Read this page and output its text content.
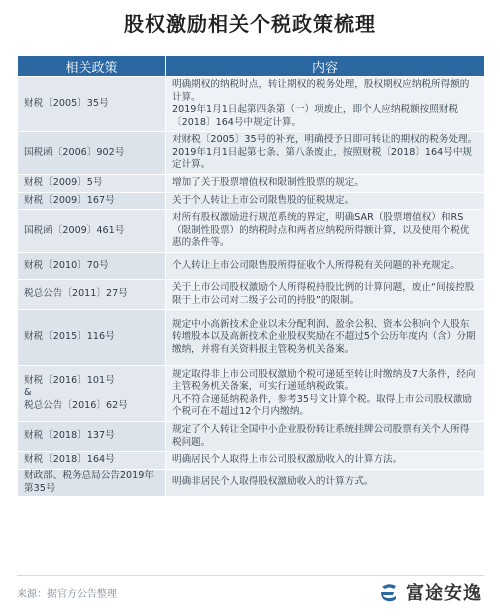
股权激励相关个税政策梳理
相关政策	内容

财税〔2005〕35号	明确期权的纳税时点，转让期权的税务处理，股权期权应纳税所得额的计算。
2019年1月1日起第四条第（一）项废止，即个人应纳税额按照财税〔2018〕164号中规定计算。

国税函〔2006〕902号	对财税〔2005〕35号的补充，明确授予日即可转让的期权的税务处理。
2019年1月1日起第七条、第八条废止，按照财税〔2018〕164号中规定计算。

财税〔2009〕5号	增加了关于股票增值权和限制性股票的规定。

财税〔2009〕167号	关于个人转让上市公司限售股的征税规定。

国税函〔2009〕461号	对所有股权激励进行规范系统的界定，明确SAR（股票增值权）和RS（限制性股票）的纳税时点和两者应纳税所得额计算，以及使用个税优惠的条件等。

财税〔2010〕70号	个人转让上市公司限售股所得征收个人所得税有关问题的补充规定。

税总公告〔2011〕27号	关于上市公司股权激励个人所得税持股比例的计算问题，废止“间接控股限于上市公司对二级子公司的持股”的限制。

财税〔2015〕116号	规定中小高新技术企业以未分配利润、盈余公积、资本公积向个人股东转增股本以及高新技术企业股权奖励在不超过5个公历年度内（含）分期缴纳，并将有关资料报主管税务机关备案。

财税〔2016〕101号
&
税总公告〔2016〕62号	规定取得非上市公司股权激励个税可递延至转让时缴纳及7大条件，经向主管税务机关备案，可实行递延纳税政策。
凡不符合递延纳税条件，参考35号文计算个税。取得上市公司股权激励个税可在不超过12个月内缴纳。

财税〔2018〕137号	规定了个人转让全国中小企业股份转让系统挂牌公司股票有关个人所得税问题。

财税〔2018〕164号	明确居民个人取得上市公司股权激励收入的计算方法。

财政部、税务总局公告2019年第35号	明确非居民个人取得股权激励收入的计算方式。
来源：据官方公告整理	富途安逸
